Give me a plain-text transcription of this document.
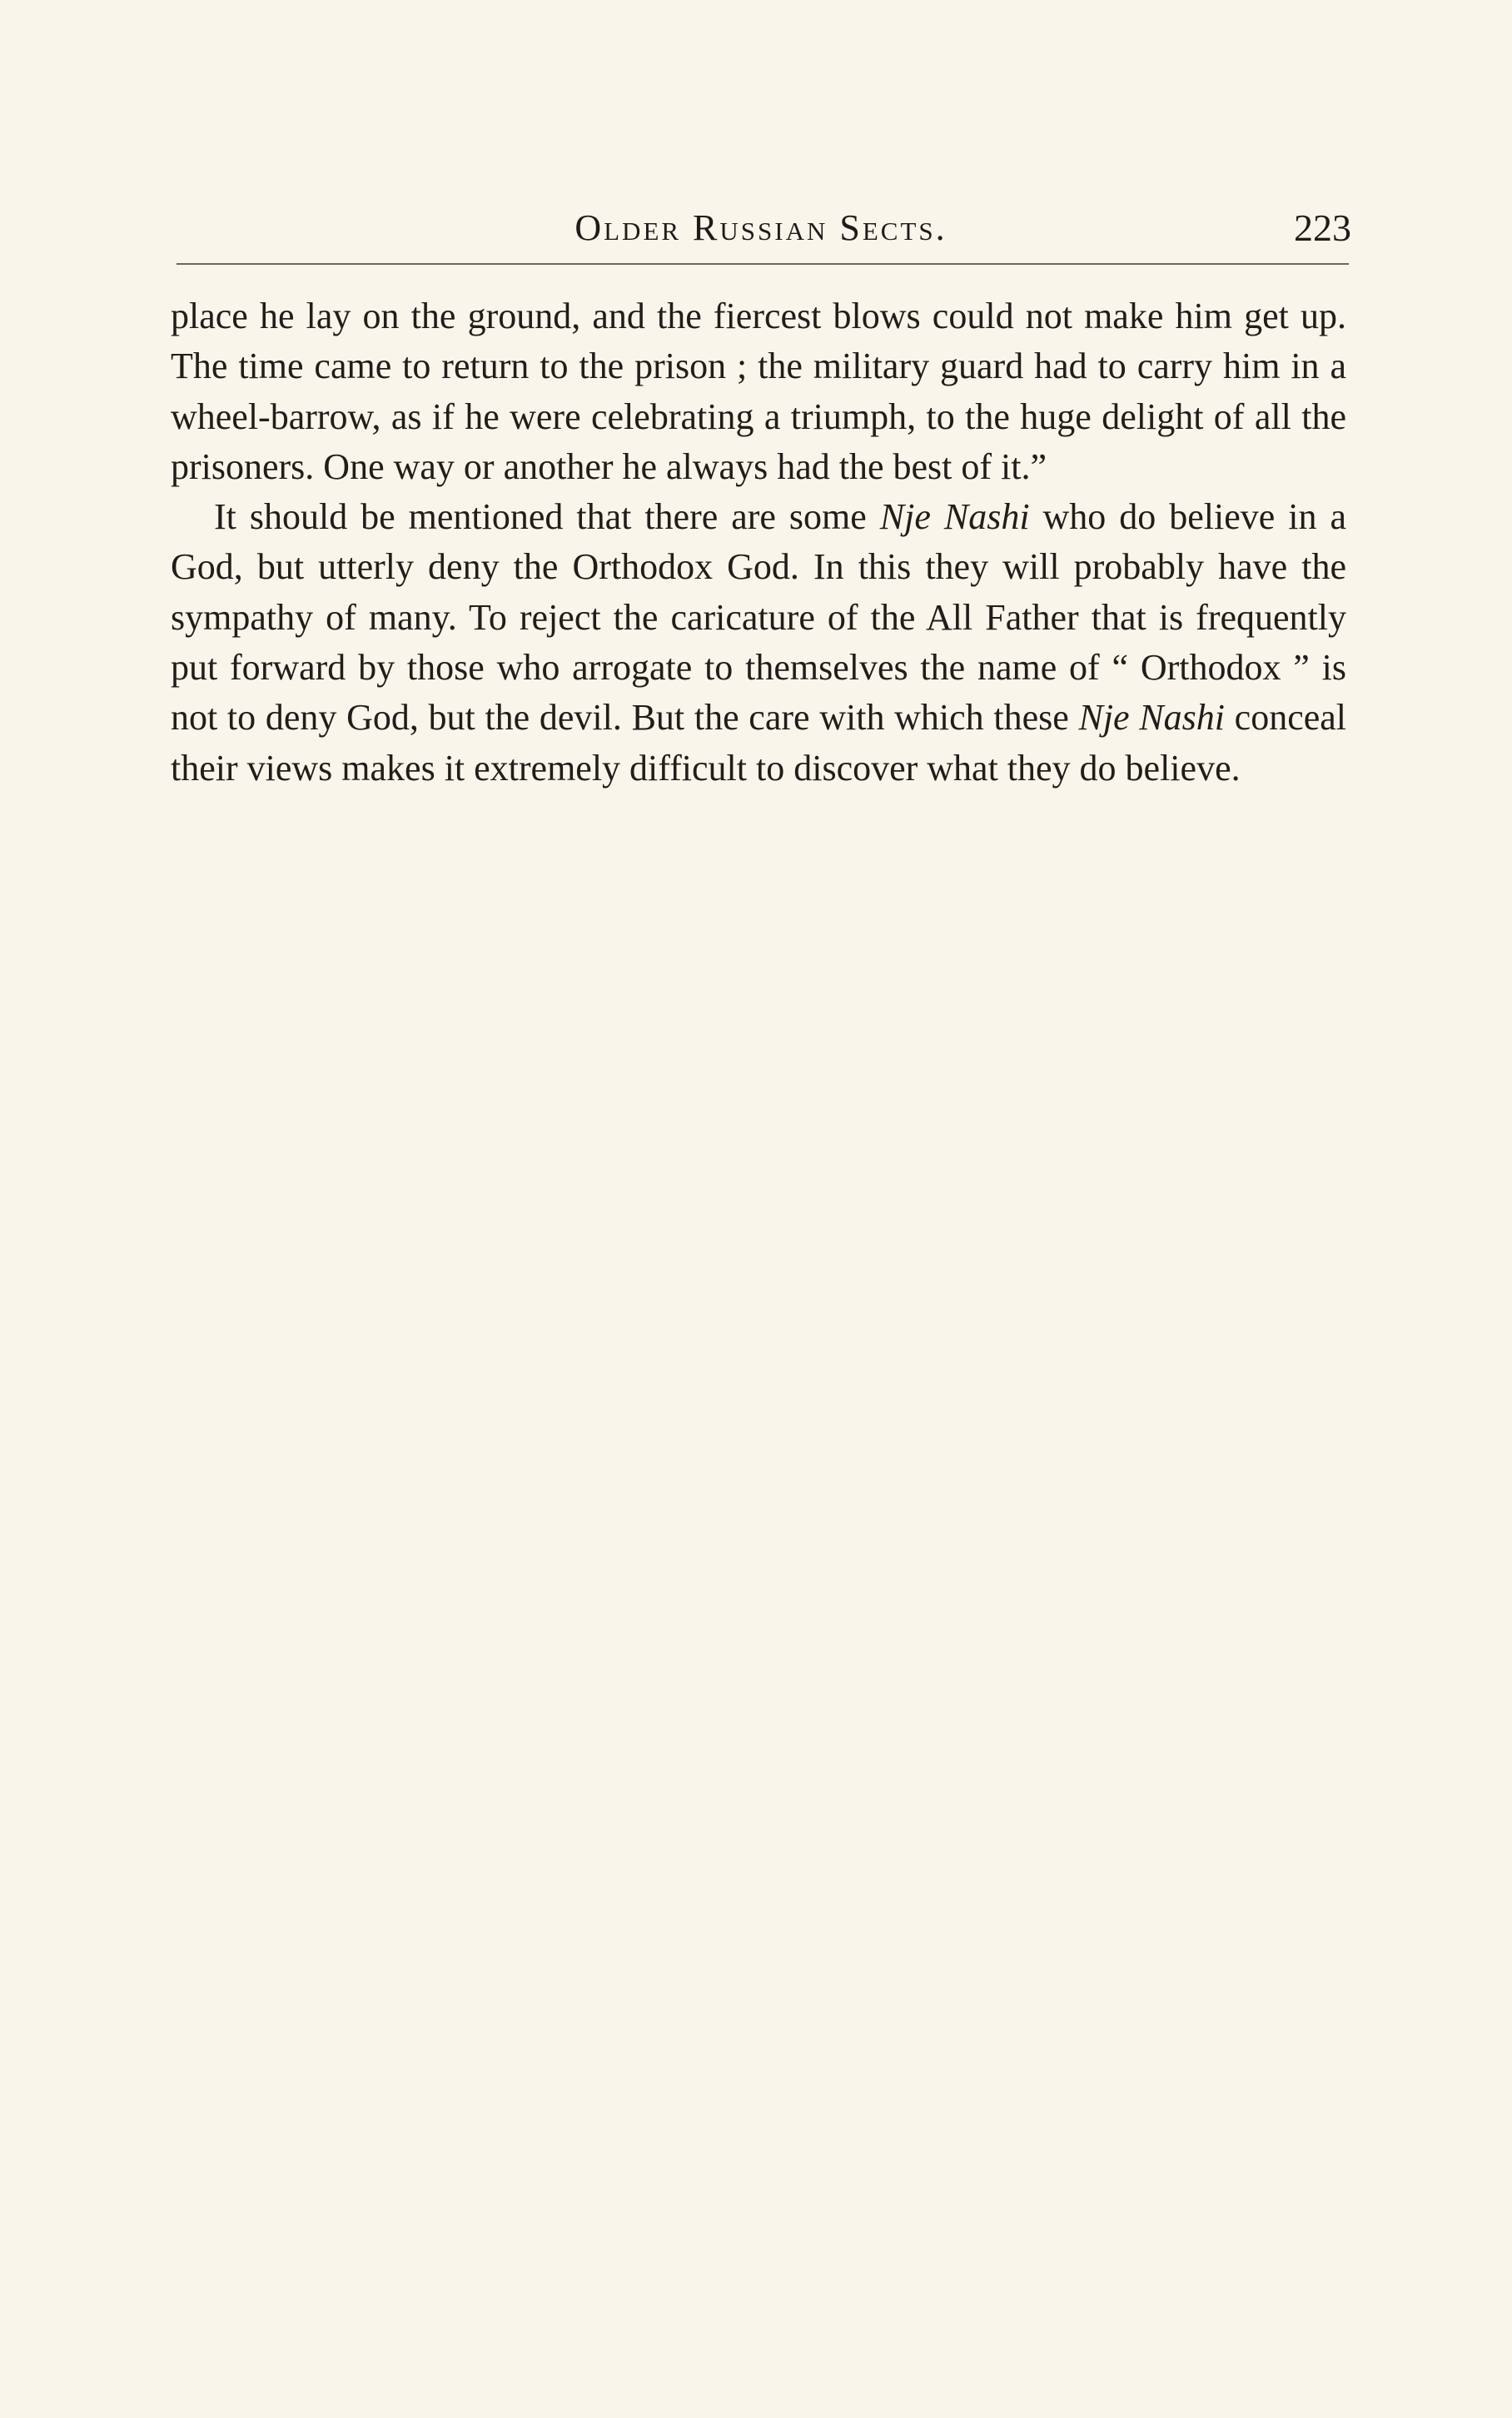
Older Russian Sects.	223

place he lay on the ground, and the fiercest blows could not make him get up. The time came to return to the prison ; the military guard had to carry him in a wheel-barrow, as if he were celebrating a triumph, to the huge delight of all the prisoners. One way or another he always had the best of it.”

It should be mentioned that there are some Nje Nashi who do believe in a God, but utterly deny the Orthodox God. In this they will probably have the sympathy of many. To reject the caricature of the All Father that is frequently put forward by those who arrogate to themselves the name of “ Orthodox ” is not to deny God, but the devil. But the care with which these Nje Nashi conceal their views makes it extremely difficult to discover what they do believe.
